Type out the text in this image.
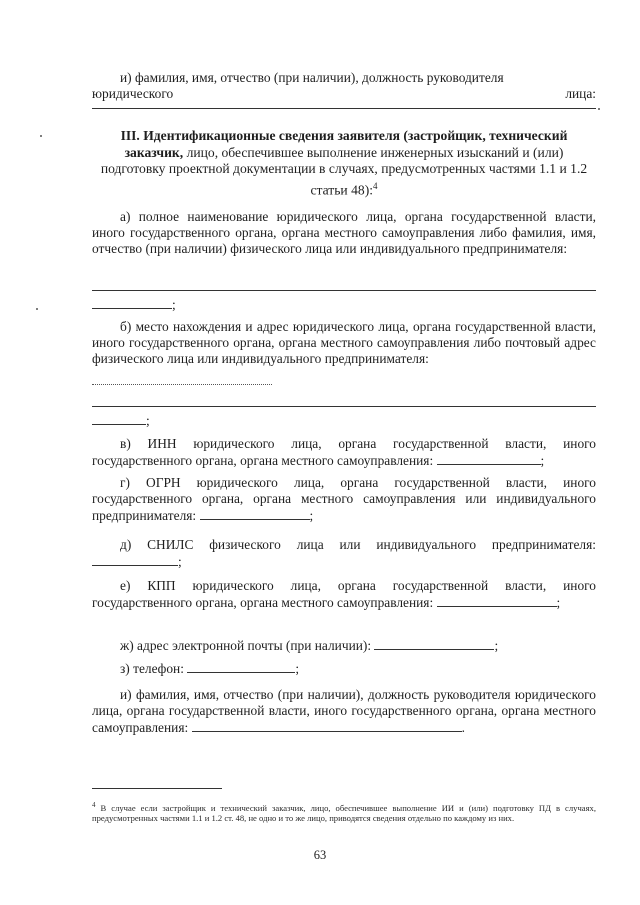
и) фамилия, имя, отчество (при наличии), должность руководителя
юридического	лица:
III. Идентификационные сведения заявителя (застройщик, технический заказчик, лицо, обеспечившее выполнение инженерных изысканий и (или) подготовку проектной документации в случаях, предусмотренных частями 1.1 и 1.2 статьи 48):$^4$
а) полное наименование юридического лица, органа государственной власти, иного государственного органа, органа местного самоуправления либо фамилия, имя, отчество (при наличии) физического лица или индивидуального предпринимателя:
;
б) место нахождения и адрес юридического лица, органа государственной власти, иного государственного органа, органа местного самоуправления либо почтовый адрес физического лица или индивидуального предпринимателя:
;
в) ИНН юридического лица, органа государственной власти, иного государственного органа, органа местного самоуправления:	;
г) ОГРН юридического лица, органа государственной власти, иного государственного органа, органа местного самоуправления или индивидуального предпринимателя:	;
д) СНИЛС физического лица или индивидуального предпринимателя: ;
е) КПП юридического лица, органа государственной власти, иного государственного органа, органа местного самоуправления:	;
ж) адрес электронной почты (при наличии):	;
з) телефон:	;
и) фамилия, имя, отчество (при наличии), должность руководителя юридического лица, органа государственной власти, иного государственного органа, органа местного самоуправления:	.
$^4$ В случае если застройщик и технический заказчик, лицо, обеспечившее выполнение ИИ и (или) подготовку ПД в случаях, предусмотренных частями 1.1 и 1.2 ст. 48, не одно и то же лицо, приводятся сведения отдельно по каждому из них.
63
